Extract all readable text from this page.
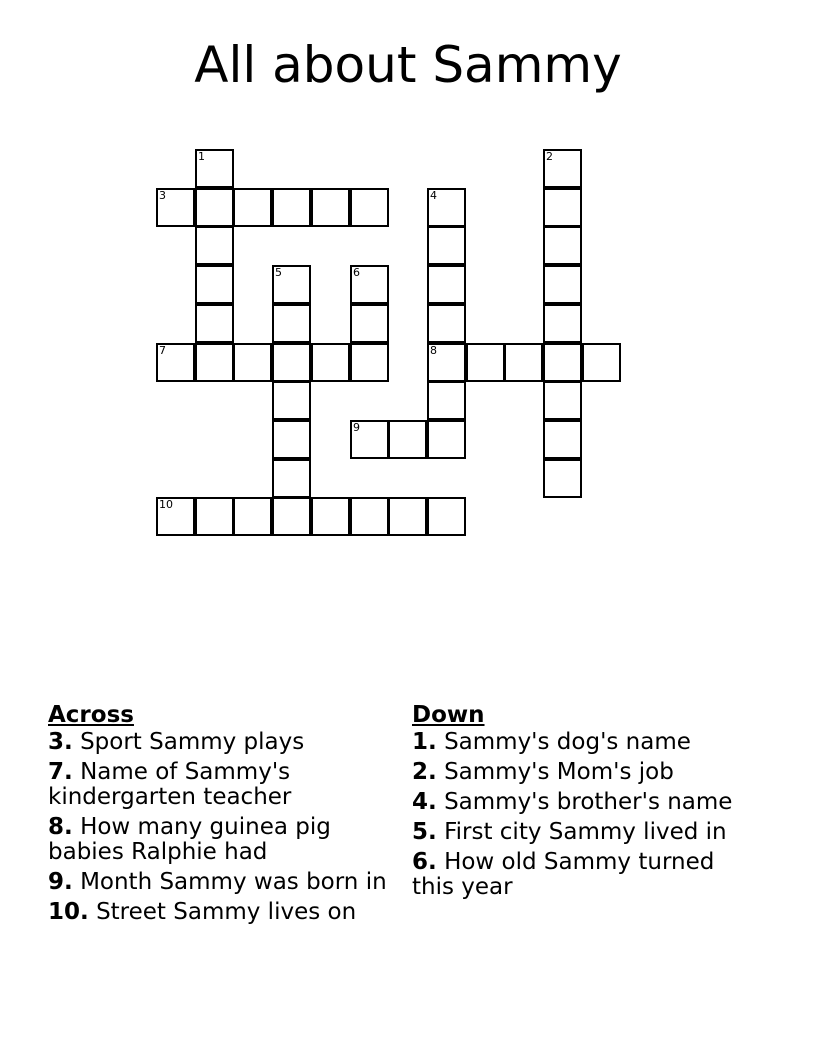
All about Sammy
1	2
3	4
5	6
7	8
9
10
Across
3. Sport Sammy plays
7. Name of Sammy's kindergarten teacher
8. How many guinea pig babies Ralphie had
9. Month Sammy was born in
10. Street Sammy lives on
Down
1. Sammy's dog's name
2. Sammy's Mom's job
4. Sammy's brother's name
5. First city Sammy lived in
6. How old Sammy turned this year
